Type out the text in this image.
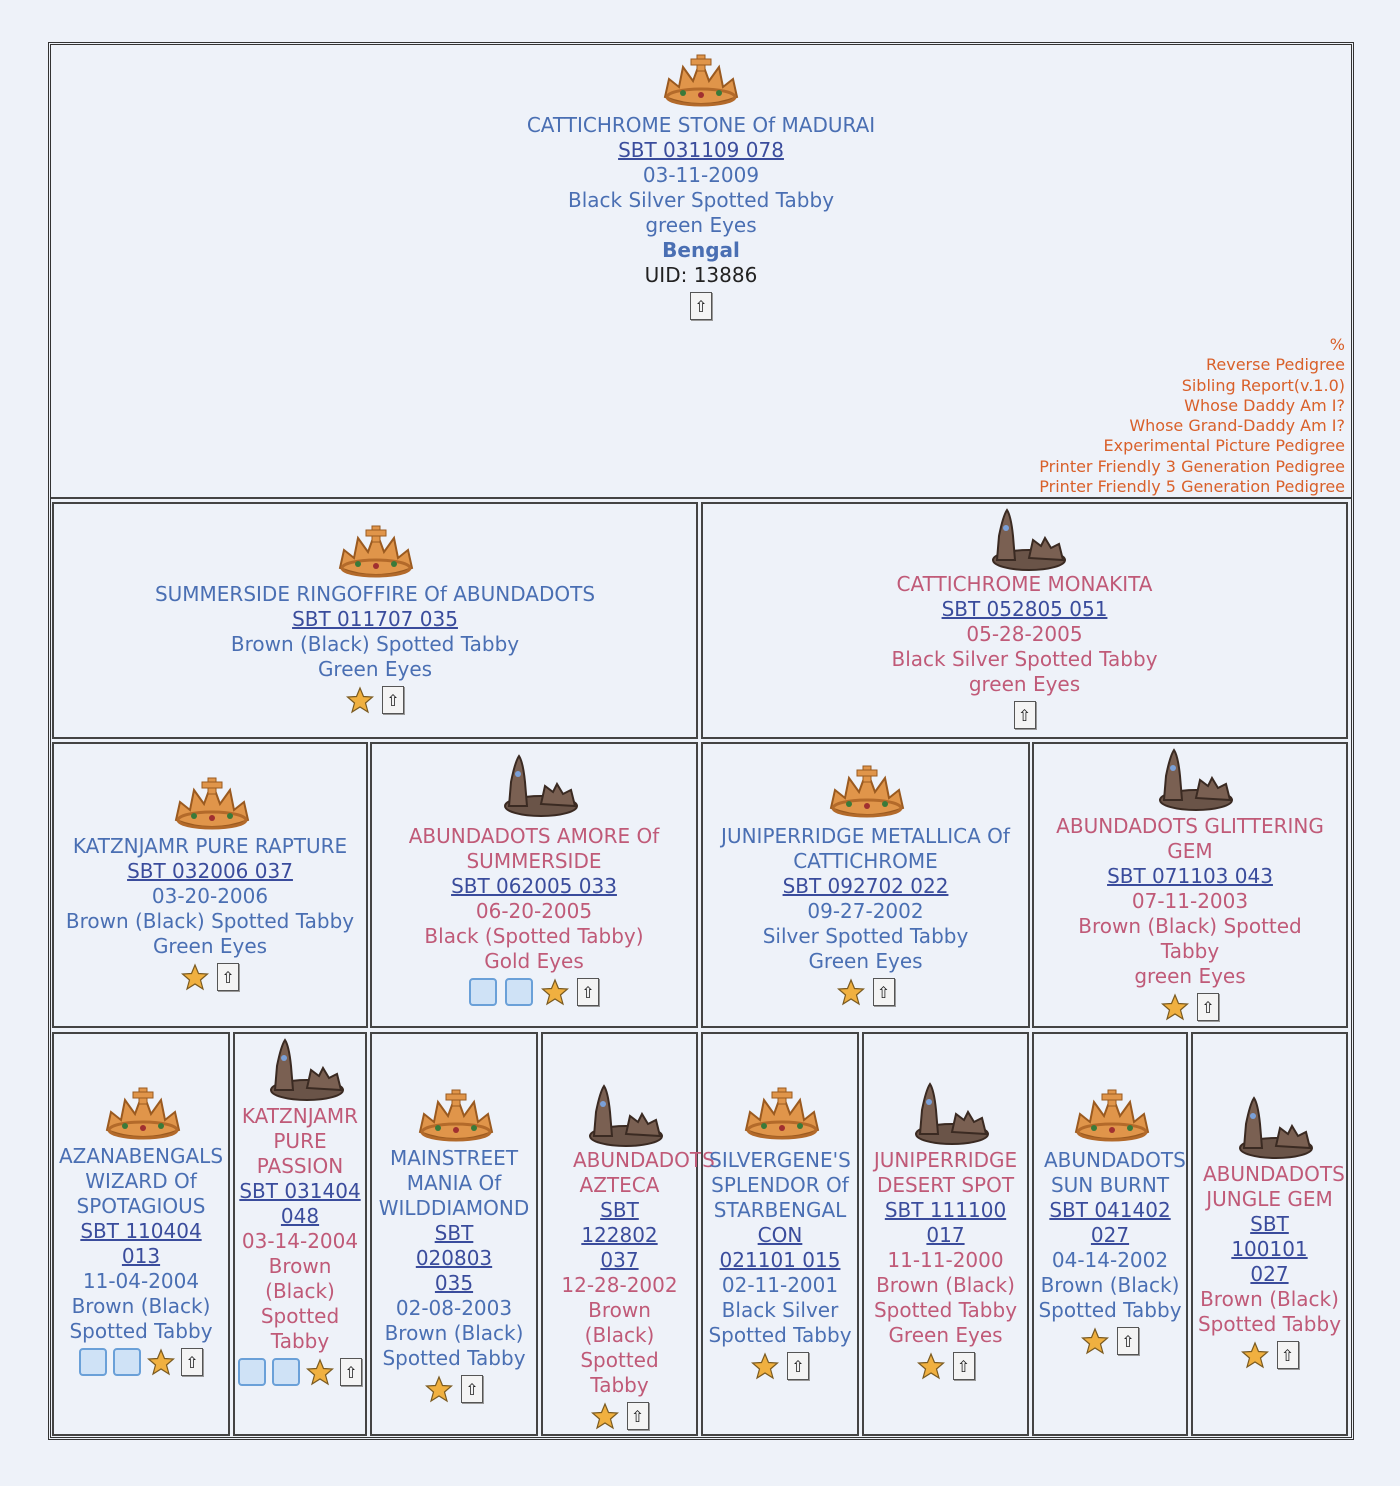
CATTICHROME STONE Of MADURAI
SBT 031109 078
03-11-2009
Black Silver Spotted Tabby
green Eyes
Bengal
UID: 13886
⇧
%
Reverse Pedigree
Sibling Report(v.1.0)
Whose Daddy Am I?
Whose Grand-Daddy Am I?
Experimental Picture Pedigree
Printer Friendly 3 Generation Pedigree
Printer Friendly 5 Generation Pedigree
SUMMERSIDE RINGOFFIRE Of ABUNDADOTS
SBT 011707 035
Brown (Black) Spotted Tabby
Green Eyes
⇧
CATTICHROME MONAKITA
SBT 052805 051
05-28-2005
Black Silver Spotted Tabby
green Eyes
⇧
KATZNJAMR PURE RAPTURE
SBT 032006 037
03-20-2006
Brown (Black) Spotted Tabby
Green Eyes
⇧
ABUNDADOTS AMORE Of SUMMERSIDE
SBT 062005 033
06-20-2005
Black (Spotted Tabby)
Gold Eyes
⇧
JUNIPERRIDGE METALLICA Of CATTICHROME
SBT 092702 022
09-27-2002
Silver Spotted Tabby
Green Eyes
⇧
ABUNDADOTS GLITTERING GEM
SBT 071103 043
07-11-2003
Brown (Black) Spotted Tabby
green Eyes
⇧
AZANABENGALS WIZARD Of SPOTAGIOUS
SBT 110404 013
11-04-2004
Brown (Black) Spotted Tabby
⇧
KATZNJAMR PURE PASSION
SBT 031404 048
03-14-2004
Brown (Black) Spotted Tabby
⇧
MAINSTREET MANIA Of WILDDIAMOND
SBT 020803 035
02-08-2003
Brown (Black) Spotted Tabby
⇧
ABUNDADOTS AZTECA
SBT 122802 037
12-28-2002
Brown (Black) Spotted Tabby
⇧
SILVERGENE'S SPLENDOR Of STARBENGAL
CON 021101 015
02-11-2001
Black Silver Spotted Tabby
⇧
JUNIPERRIDGE DESERT SPOT
SBT 111100 017
11-11-2000
Brown (Black) Spotted Tabby
Green Eyes
⇧
ABUNDADOTS SUN BURNT
SBT 041402 027
04-14-2002
Brown (Black) Spotted Tabby
⇧
ABUNDADOTS JUNGLE GEM
SBT 100101 027
Brown (Black) Spotted Tabby
⇧
